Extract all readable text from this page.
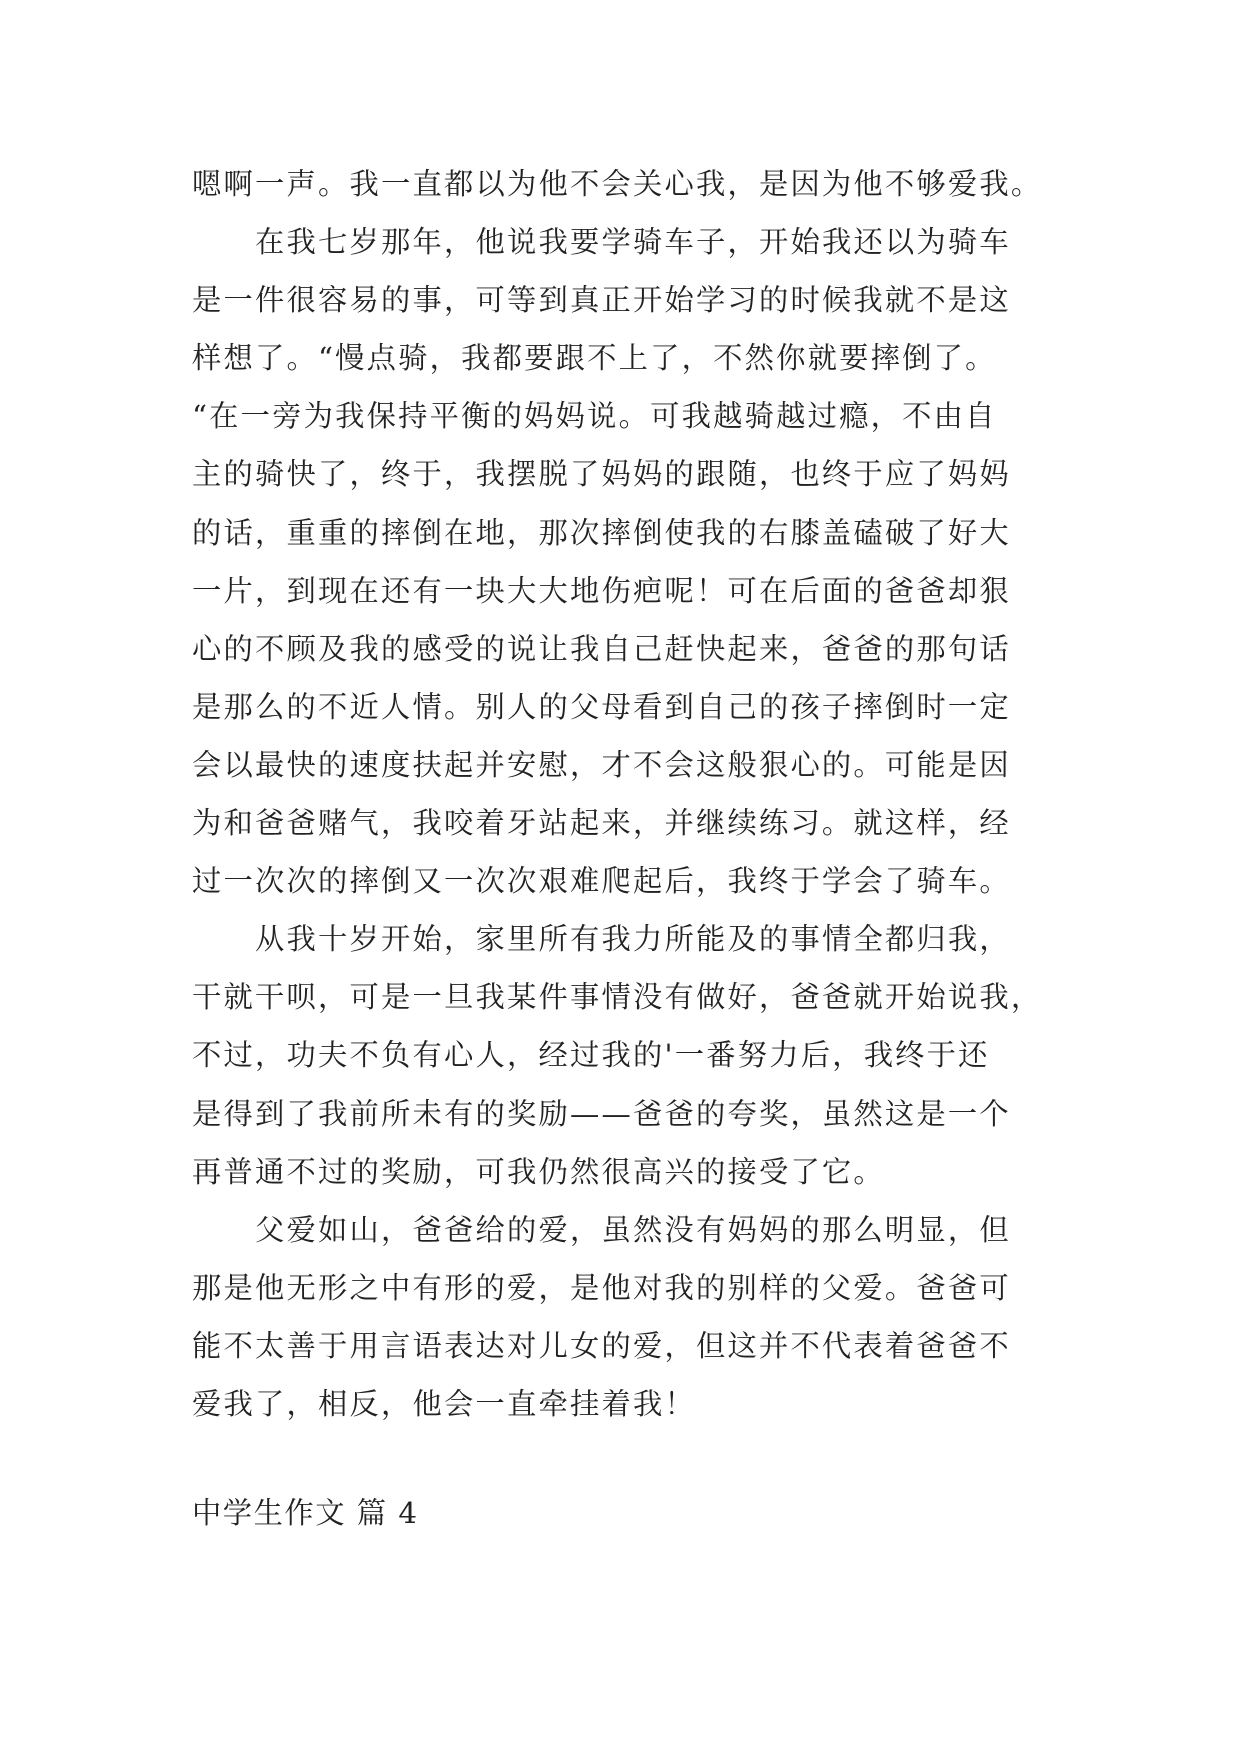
嗯啊一声。我一直都以为他不会关心我，是因为他不够爱我。
在我七岁那年，他说我要学骑车子，开始我还以为骑车
是一件很容易的事，可等到真正开始学习的时候我就不是这
样想了。“慢点骑，我都要跟不上了，不然你就要摔倒了。
“在一旁为我保持平衡的妈妈说。可我越骑越过瘾，不由自
主的骑快了，终于，我摆脱了妈妈的跟随，也终于应了妈妈
的话，重重的摔倒在地，那次摔倒使我的右膝盖磕破了好大
一片，到现在还有一块大大地伤疤呢！可在后面的爸爸却狠
心的不顾及我的感受的说让我自己赶快起来，爸爸的那句话
是那么的不近人情。别人的父母看到自己的孩子摔倒时一定
会以最快的速度扶起并安慰，才不会这般狠心的。可能是因
为和爸爸赌气，我咬着牙站起来，并继续练习。就这样，经
过一次次的摔倒又一次次艰难爬起后，我终于学会了骑车。
从我十岁开始，家里所有我力所能及的事情全都归我，
干就干呗，可是一旦我某件事情没有做好，爸爸就开始说我，
不过，功夫不负有心人，经过我的'一番努力后，我终于还
是得到了我前所未有的奖励——爸爸的夸奖，虽然这是一个
再普通不过的奖励，可我仍然很高兴的接受了它。
父爱如山，爸爸给的爱，虽然没有妈妈的那么明显，但
那是他无形之中有形的爱，是他对我的别样的父爱。爸爸可
能不太善于用言语表达对儿女的爱，但这并不代表着爸爸不
爱我了，相反，他会一直牵挂着我！
中学生作文 篇 4
